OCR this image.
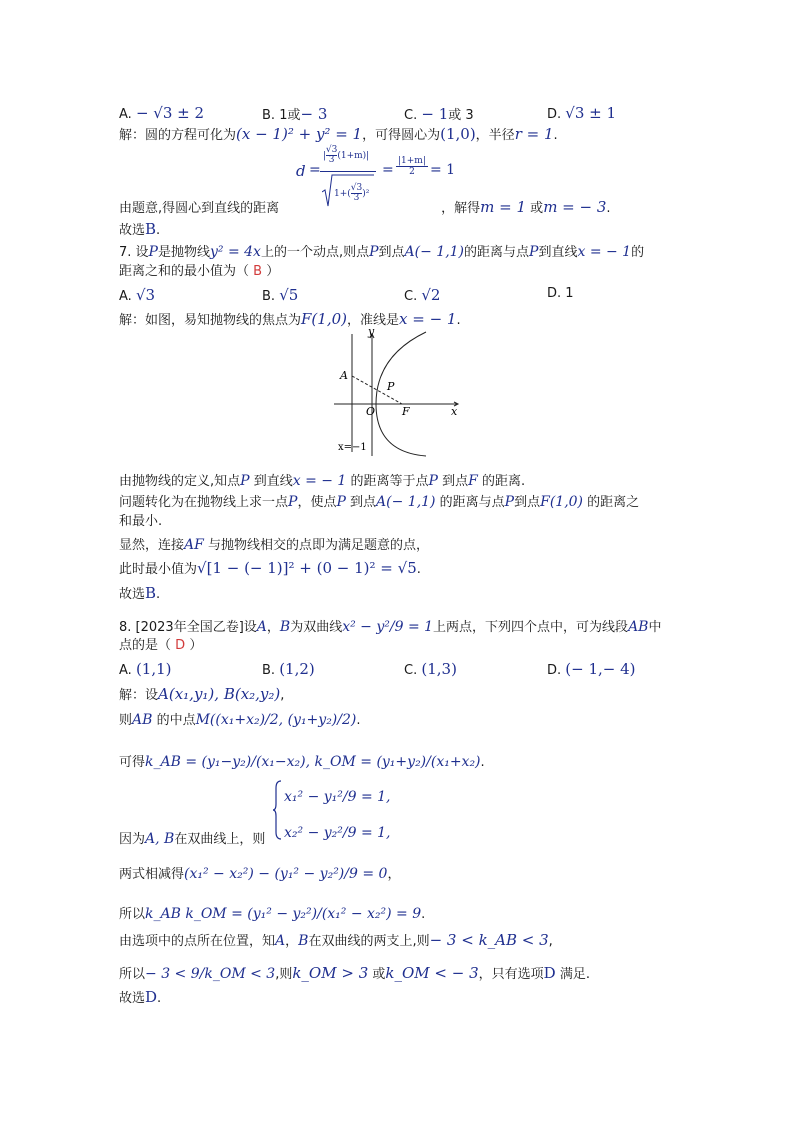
A. − √3 ± 2	B. 1或− 3	C. − 1或 3	D. √3 ± 1
解：圆的方程可化为(x − 1)² + y² = 1，可得圆心为(1,0)，半径r = 1.
d =
| $\frac{√3}{3} (1+m)|$
$1+( \frac{√3}{3} )^2$
=
|1+m|
2	= 1
由题意,得圆心到直线的距离	，解得m = 1 或m = − 3.
故选B.
7. 设P是抛物线y² = 4x上的一个动点,则点P到点A(− 1,1)的距离与点P到直线x = − 1的
距离之和的最小值为（ B ）
A. √3	B. √5	C. √2	D. 1
解：如图，易知抛物线的焦点为F(1,0)，准线是x = − 1.
y
x
A
P
O F
x=−1
由抛物线的定义,知点P 到直线x = − 1 的距离等于点P 到点F 的距离.
问题转化为在抛物线上求一点P，使点P 到点A(− 1,1) 的距离与点P到点F(1,0) 的距离之
和最小.
显然，连接AF 与抛物线相交的点即为满足题意的点，
此时最小值为√[1 − (− 1)]² + (0 − 1)² = √5.
故选B.
8. [2023年全国乙卷]设A，B为双曲线x² − y²/9 = 1上两点，下列四个点中，可为线段AB中
点的是（ D ）
A. (1,1)	B. (1,2)	C. (1,3)	D. (− 1,− 4)
解：设A(x₁,y₁), B(x₂,y₂),
则AB 的中点M((x₁+x₂)/2, (y₁+y₂)/2).
可得k_AB = (y₁−y₂)/(x₁−x₂), k_OM = (y₁+y₂)/(x₁+x₂).
x₁² − y₁²/9 = 1,
x₂² − y₂²/9 = 1,
因为A, B在双曲线上，则
两式相减得(x₁² − x₂²) − (y₁² − y₂²)/9 = 0，
所以k_AB k_OM = (y₁² − y₂²)/(x₁² − x₂²) = 9.
由选项中的点所在位置，知A，B在双曲线的两支上,则− 3 < k_AB < 3,
所以− 3 < 9/k_OM < 3,则k_OM > 3 或k_OM < − 3，只有选项D 满足.
故选D.
